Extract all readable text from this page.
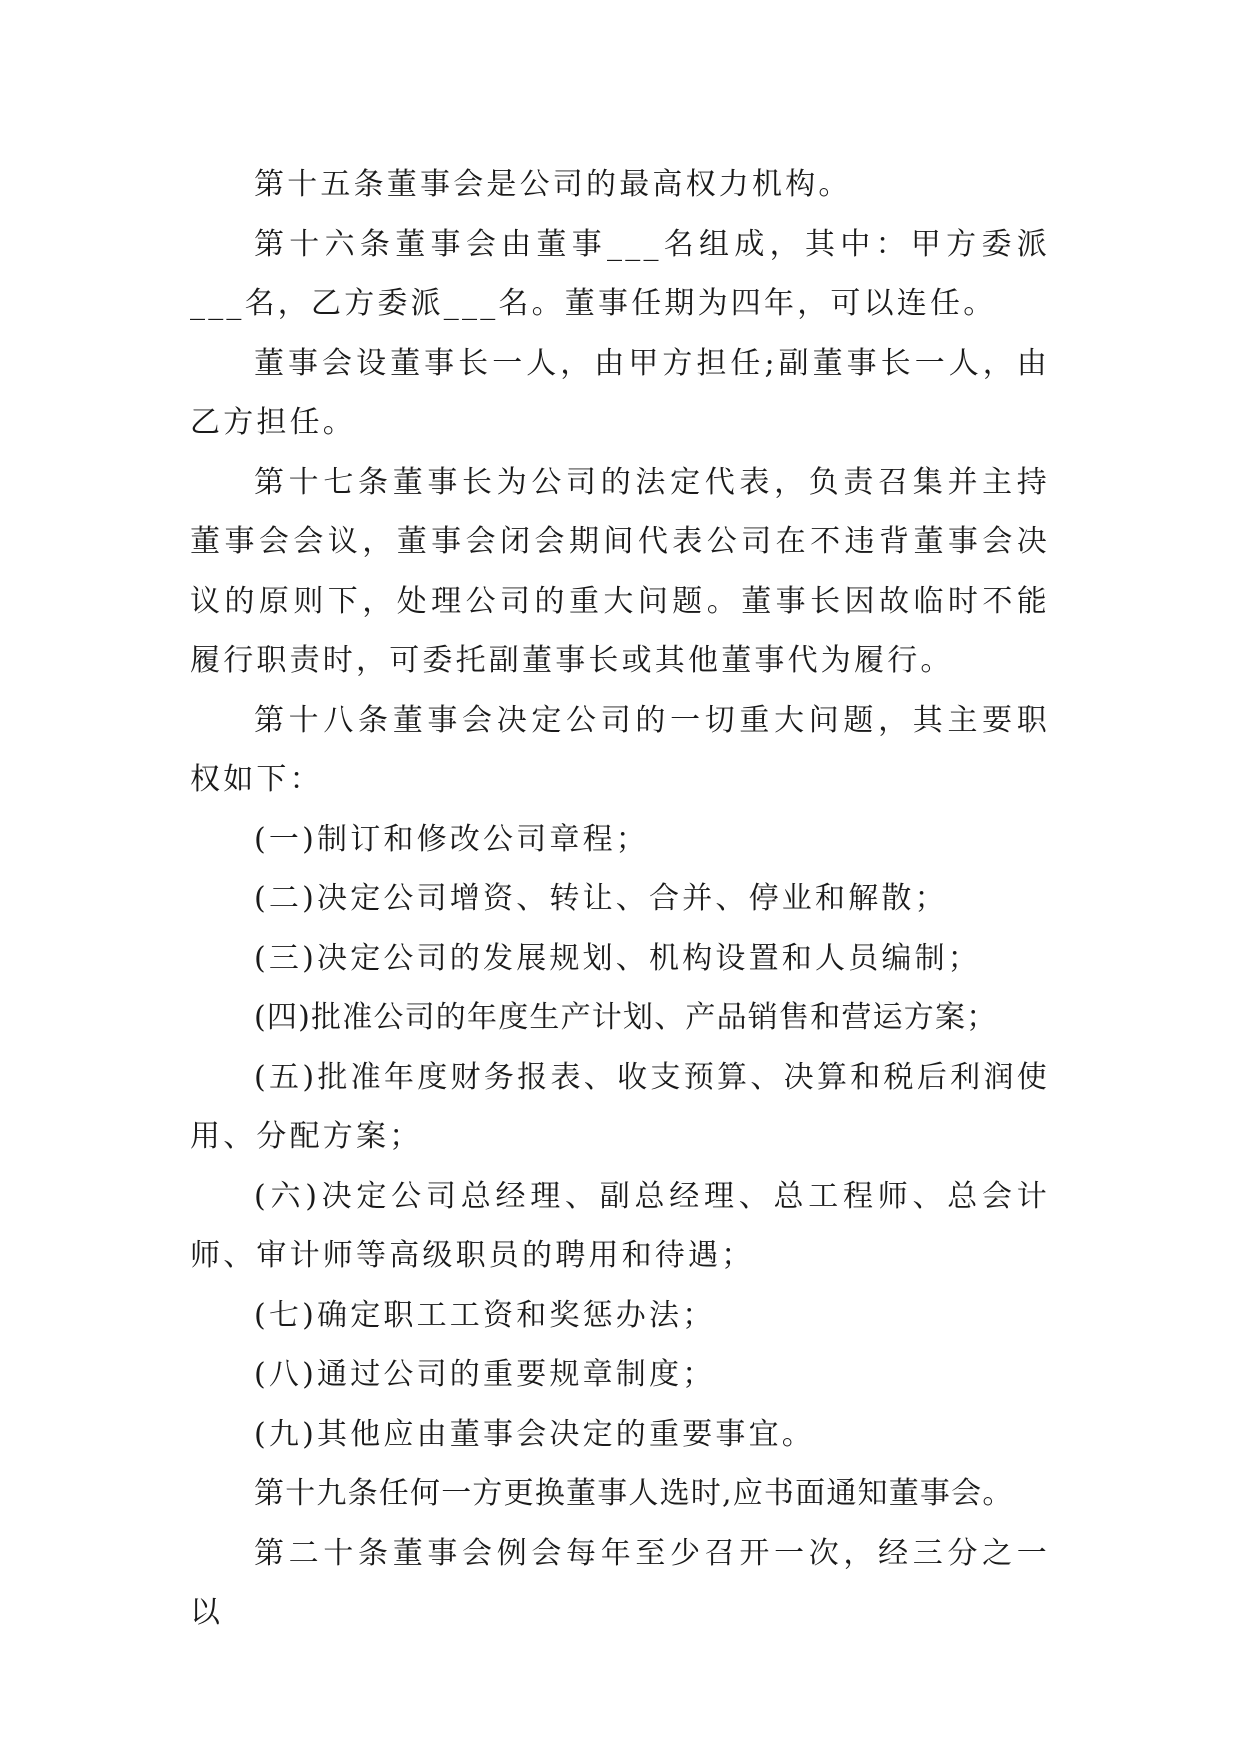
第十五条董事会是公司的最高权力机构。

第十六条董事会由董事___名组成，其中：甲方委派___名，乙方委派___名。董事任期为四年，可以连任。

董事会设董事长一人，由甲方担任;副董事长一人，由乙方担任。

第十七条董事长为公司的法定代表，负责召集并主持董事会会议，董事会闭会期间代表公司在不违背董事会决议的原则下，处理公司的重大问题。董事长因故临时不能履行职责时，可委托副董事长或其他董事代为履行。

第十八条董事会决定公司的一切重大问题，其主要职权如下：

(一)制订和修改公司章程；

(二)决定公司增资、转让、合并、停业和解散；

(三)决定公司的发展规划、机构设置和人员编制；

(四)批准公司的年度生产计划、产品销售和营运方案；

(五)批准年度财务报表、收支预算、决算和税后利润使用、分配方案；

(六)决定公司总经理、副总经理、总工程师、总会计师、审计师等高级职员的聘用和待遇；

(七)确定职工工资和奖惩办法；

(八)通过公司的重要规章制度；

(九)其他应由董事会决定的重要事宜。

第十九条任何一方更换董事人选时,应书面通知董事会。

第二十条董事会例会每年至少召开一次，经三分之一以
